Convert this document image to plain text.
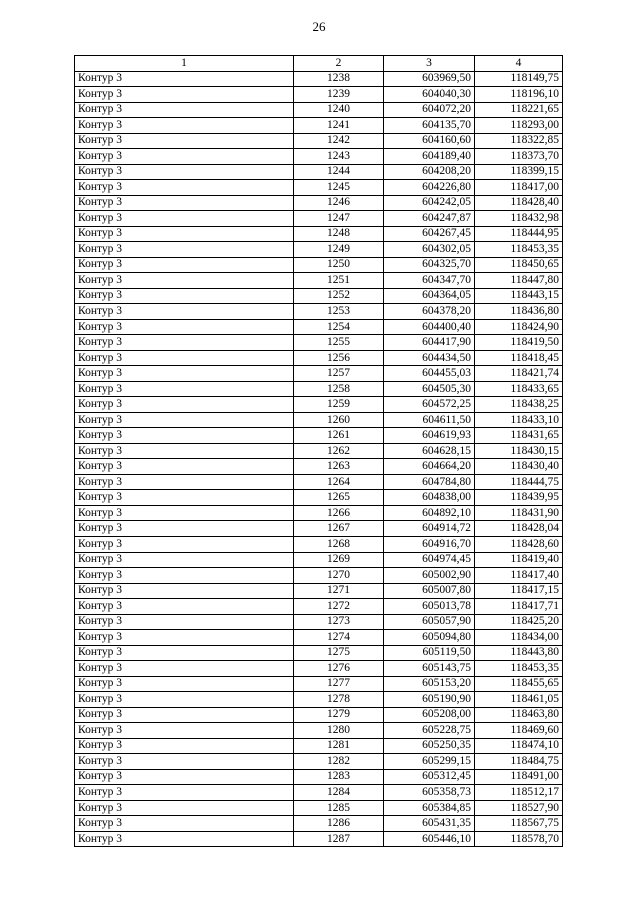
26
1	2	3	4
Контур 3	1238	603969,50	118149,75
Контур 3	1239	604040,30	118196,10
Контур 3	1240	604072,20	118221,65
Контур 3	1241	604135,70	118293,00
Контур 3	1242	604160,60	118322,85
Контур 3	1243	604189,40	118373,70
Контур 3	1244	604208,20	118399,15
Контур 3	1245	604226,80	118417,00
Контур 3	1246	604242,05	118428,40
Контур 3	1247	604247,87	118432,98
Контур 3	1248	604267,45	118444,95
Контур 3	1249	604302,05	118453,35
Контур 3	1250	604325,70	118450,65
Контур 3	1251	604347,70	118447,80
Контур 3	1252	604364,05	118443,15
Контур 3	1253	604378,20	118436,80
Контур 3	1254	604400,40	118424,90
Контур 3	1255	604417,90	118419,50
Контур 3	1256	604434,50	118418,45
Контур 3	1257	604455,03	118421,74
Контур 3	1258	604505,30	118433,65
Контур 3	1259	604572,25	118438,25
Контур 3	1260	604611,50	118433,10
Контур 3	1261	604619,93	118431,65
Контур 3	1262	604628,15	118430,15
Контур 3	1263	604664,20	118430,40
Контур 3	1264	604784,80	118444,75
Контур 3	1265	604838,00	118439,95
Контур 3	1266	604892,10	118431,90
Контур 3	1267	604914,72	118428,04
Контур 3	1268	604916,70	118428,60
Контур 3	1269	604974,45	118419,40
Контур 3	1270	605002,90	118417,40
Контур 3	1271	605007,80	118417,15
Контур 3	1272	605013,78	118417,71
Контур 3	1273	605057,90	118425,20
Контур 3	1274	605094,80	118434,00
Контур 3	1275	605119,50	118443,80
Контур 3	1276	605143,75	118453,35
Контур 3	1277	605153,20	118455,65
Контур 3	1278	605190,90	118461,05
Контур 3	1279	605208,00	118463,80
Контур 3	1280	605228,75	118469,60
Контур 3	1281	605250,35	118474,10
Контур 3	1282	605299,15	118484,75
Контур 3	1283	605312,45	118491,00
Контур 3	1284	605358,73	118512,17
Контур 3	1285	605384,85	118527,90
Контур 3	1286	605431,35	118567,75
Контур 3	1287	605446,10	118578,70
